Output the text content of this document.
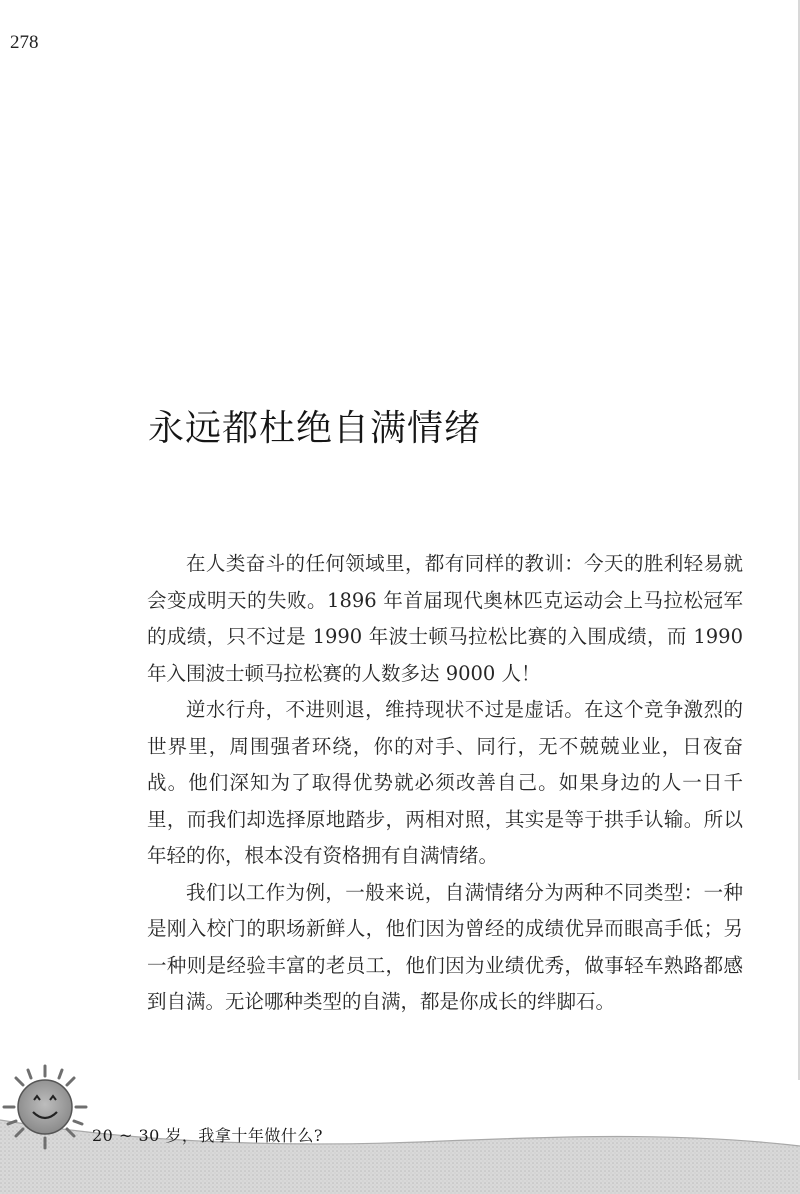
278
永远都杜绝自满情绪

在人类奋斗的任何领域里，都有同样的教训：今天的胜利轻易就会变成明天的失败。1896 年首届现代奥林匹克运动会上马拉松冠军的成绩，只不过是 1990 年波士顿马拉松比赛的入围成绩，而 1990 年入围波士顿马拉松赛的人数多达 9000 人！

逆水行舟，不进则退，维持现状不过是虚话。在这个竞争激烈的世界里，周围强者环绕，你的对手、同行，无不兢兢业业，日夜奋战。他们深知为了取得优势就必须改善自己。如果身边的人一日千里，而我们却选择原地踏步，两相对照，其实是等于拱手认输。所以年轻的你，根本没有资格拥有自满情绪。

我们以工作为例，一般来说，自满情绪分为两种不同类型：一种是刚入校门的职场新鲜人，他们因为曾经的成绩优异而眼高手低；另一种则是经验丰富的老员工，他们因为业绩优秀，做事轻车熟路都感到自满。无论哪种类型的自满，都是你成长的绊脚石。

20 ~ 30 岁，我拿十年做什么?
